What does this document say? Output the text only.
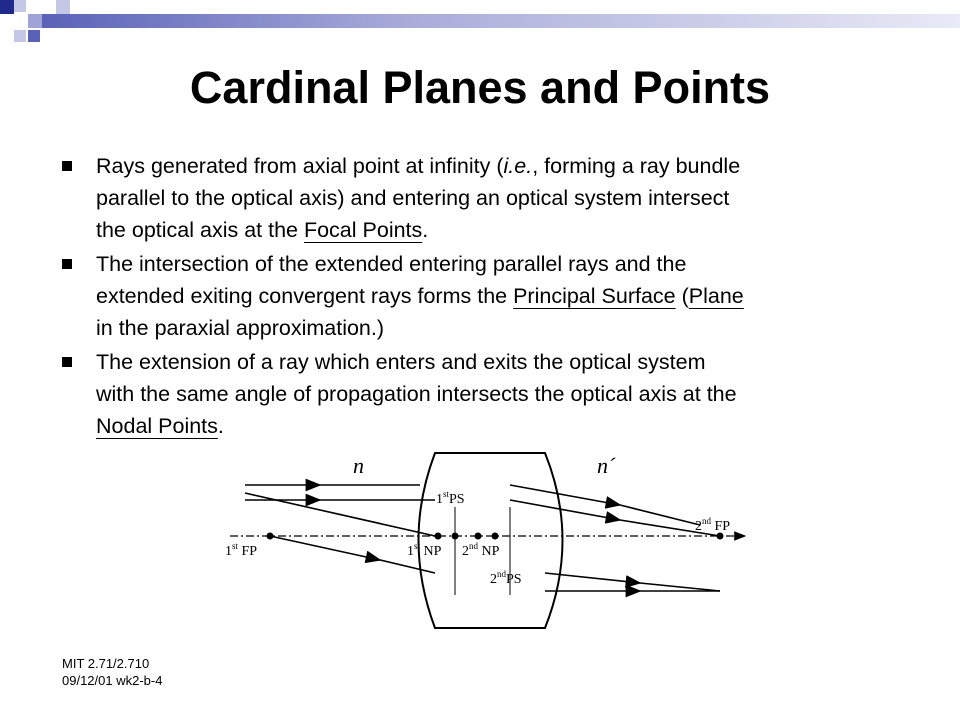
Cardinal Planes and Points
Rays generated from axial point at infinity (i.e., forming a ray bundle
parallel to the optical axis) and entering an optical system intersect
the optical axis at the Focal Points.
The intersection of the extended entering parallel rays and the
extended exiting convergent rays forms the Principal Surface (Plane
in the paraxial approximation.)
The extension of a ray which enters and exits the optical system
with the same angle of propagation intersects the optical axis at the
Nodal Points.
n	n´
1stPS
2ndPS
1st FP
2nd FP
1st NP 2nd NP
MIT 2.71/2.710
09/12/01 wk2-b-4
